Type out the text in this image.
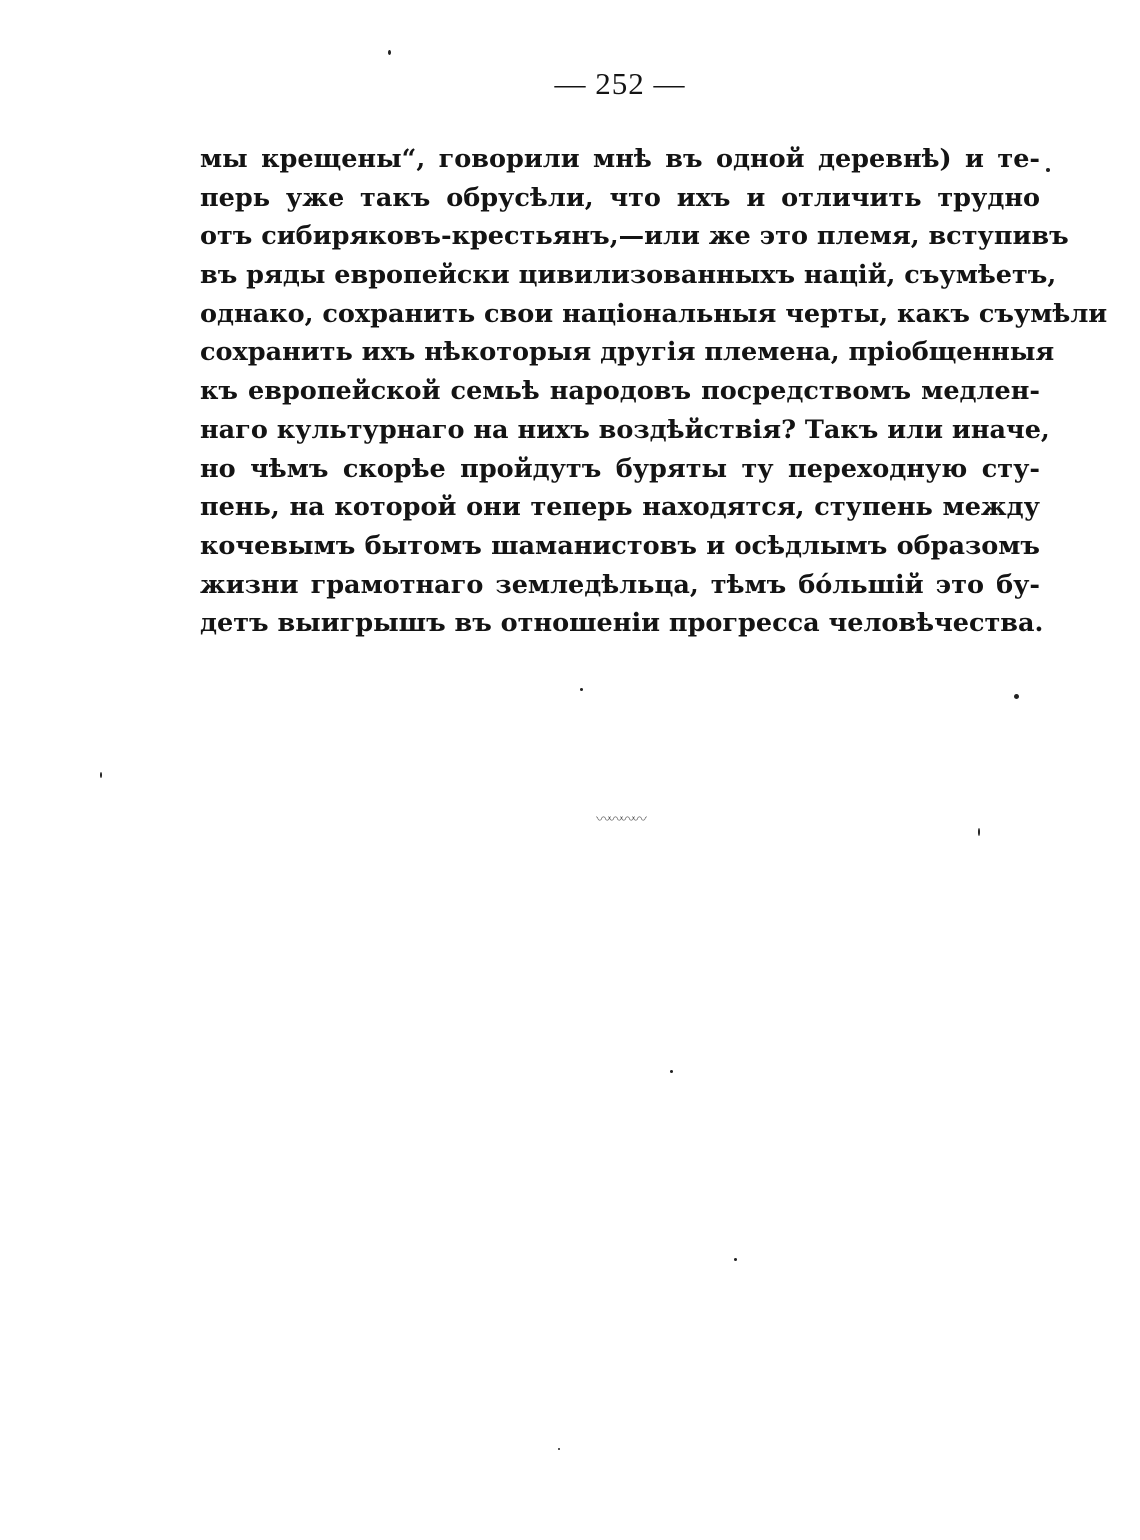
— 252 —
мы крещены“, говорили мнѣ въ одной деревнѣ) и те-
перь уже такъ обрусѣли, что ихъ и отличить трудно
отъ сибиряковъ-крестьянъ,—или же это племя, вступивъ
въ ряды европейски цивилизованныхъ націй, съумѣетъ,
однако, сохранить свои національныя черты, какъ съумѣли
сохранить ихъ нѣкоторыя другія племена, пріобщенныя
къ европейской семьѣ народовъ посредствомъ медлен-
наго культурнаго на нихъ воздѣйствія? Такъ или иначе,
но чѣмъ скорѣе пройдутъ буряты ту переходную сту-
пень, на которой они теперь находятся, ступень между
кочевымъ бытомъ шаманистовъ и осѣдлымъ образомъ
жизни грамотнаго земледѣльца, тѣмъ бóльшій это бу-
детъ выигрышъ въ отношеніи прогресса человѣчества.
〰〰〰〰
